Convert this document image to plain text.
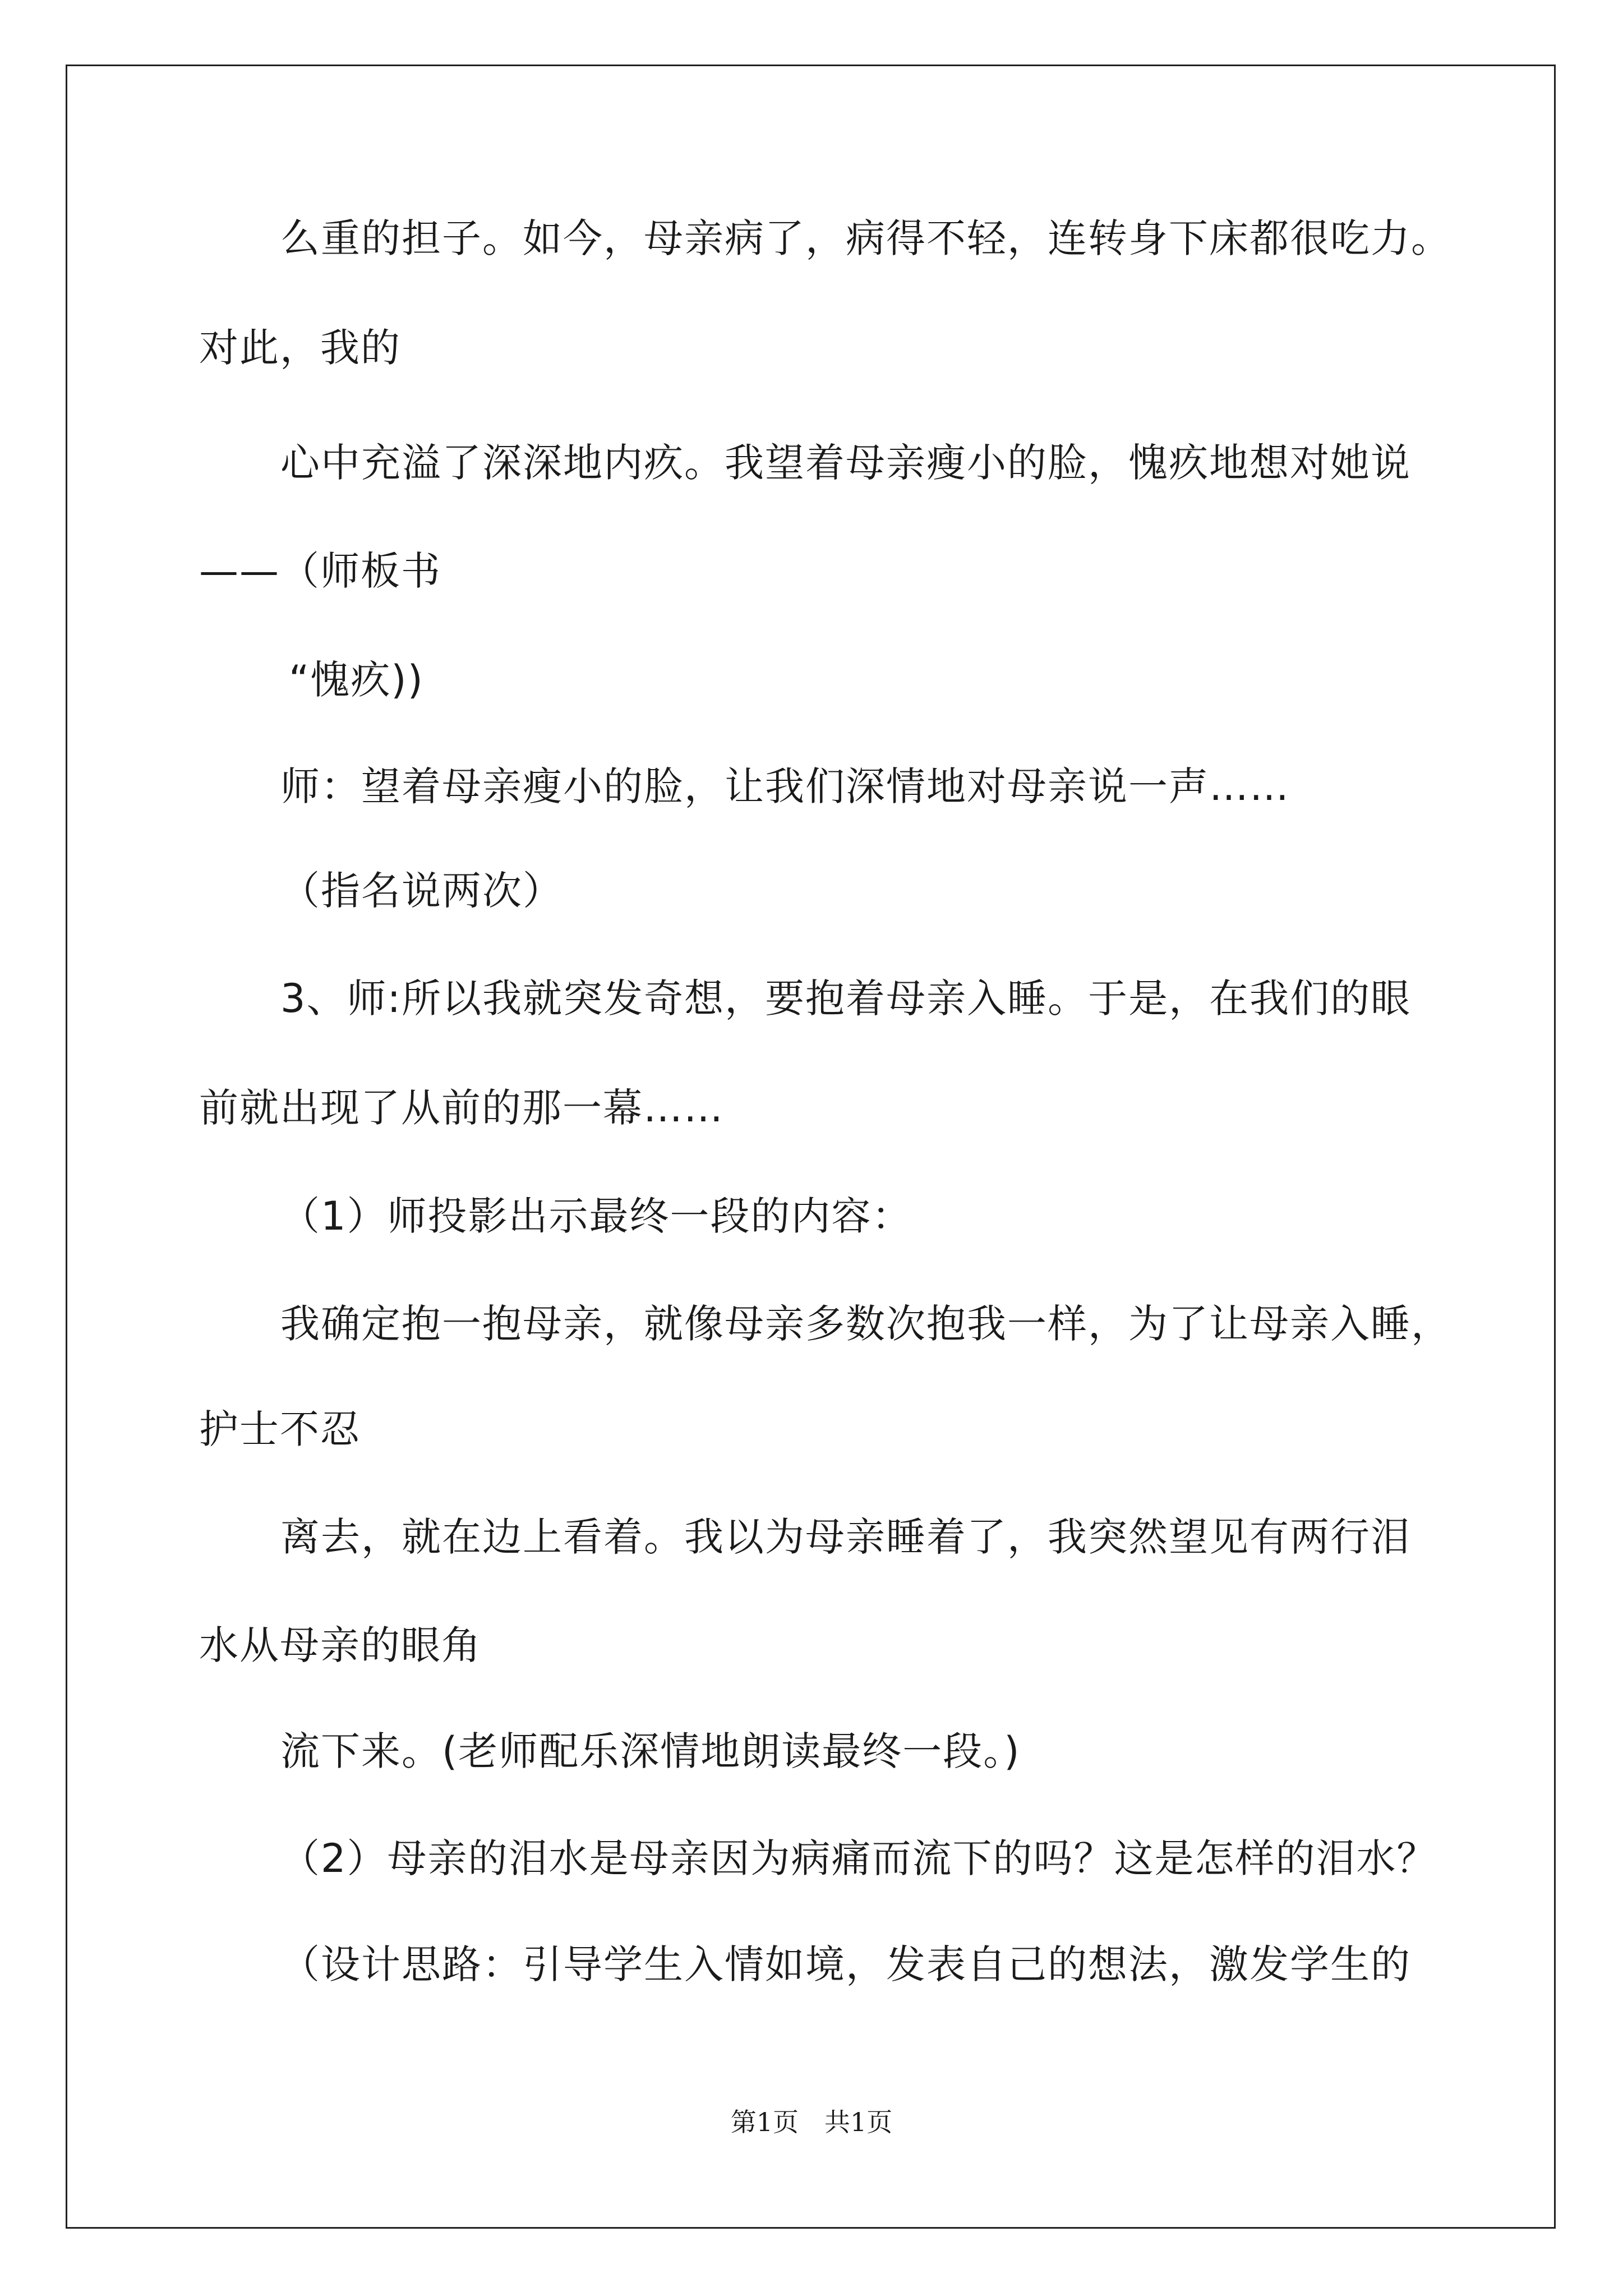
么重的担子。如今，母亲病了，病得不轻，连转身下床都很吃力。
对此，我的
心中充溢了深深地内疚。我望着母亲瘦小的脸，愧疚地想对她说
——（师板书
“愧疚))
师：望着母亲瘦小的脸，让我们深情地对母亲说一声……
（指名说两次）
3、师:所以我就突发奇想，要抱着母亲入睡。于是，在我们的眼
前就出现了从前的那一幕……
（1）师投影出示最终一段的内容：
我确定抱一抱母亲，就像母亲多数次抱我一样，为了让母亲入睡，
护士不忍
离去，就在边上看着。我以为母亲睡着了，我突然望见有两行泪
水从母亲的眼角
流下来。(老师配乐深情地朗读最终一段。)
（2）母亲的泪水是母亲因为病痛而流下的吗？这是怎样的泪水？
（设计思路：引导学生入情如境，发表自己的想法，激发学生的
第1页　共1页
